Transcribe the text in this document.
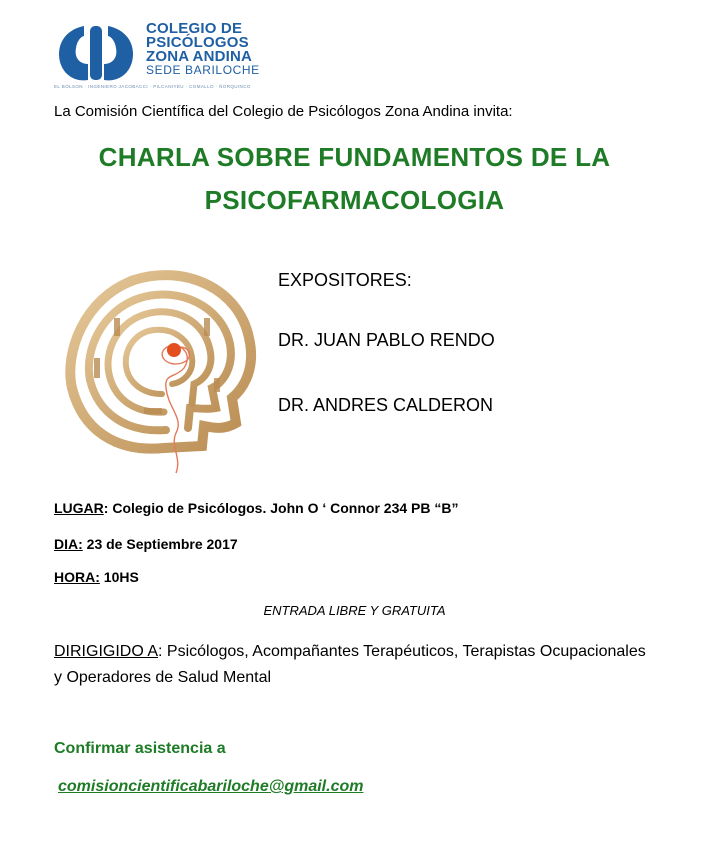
COLEGIO DE
PSICÓLOGOS
ZONA ANDINA
SEDE BARILOCHE
EL BOLSON · INGENIERO JACOBACCI · PILCANIYEU · COMALLO · ÑORQUINCO
La Comisión Científica del Colegio de Psicólogos Zona Andina invita:
CHARLA SOBRE FUNDAMENTOS DE LA
PSICOFARMACOLOGIA
EXPOSITORES:
DR. JUAN PABLO RENDO
DR. ANDRES CALDERON
LUGAR: Colegio de Psicólogos. John O ‘ Connor 234 PB “B”
DIA: 23 de Septiembre 2017
HORA: 10HS
ENTRADA LIBRE Y GRATUITA
DIRIGIGIDO A: Psicólogos, Acompañantes Terapéuticos, Terapistas Ocupacionales y Operadores de Salud Mental
Confirmar asistencia a
comisioncientificabariloche@gmail.com
